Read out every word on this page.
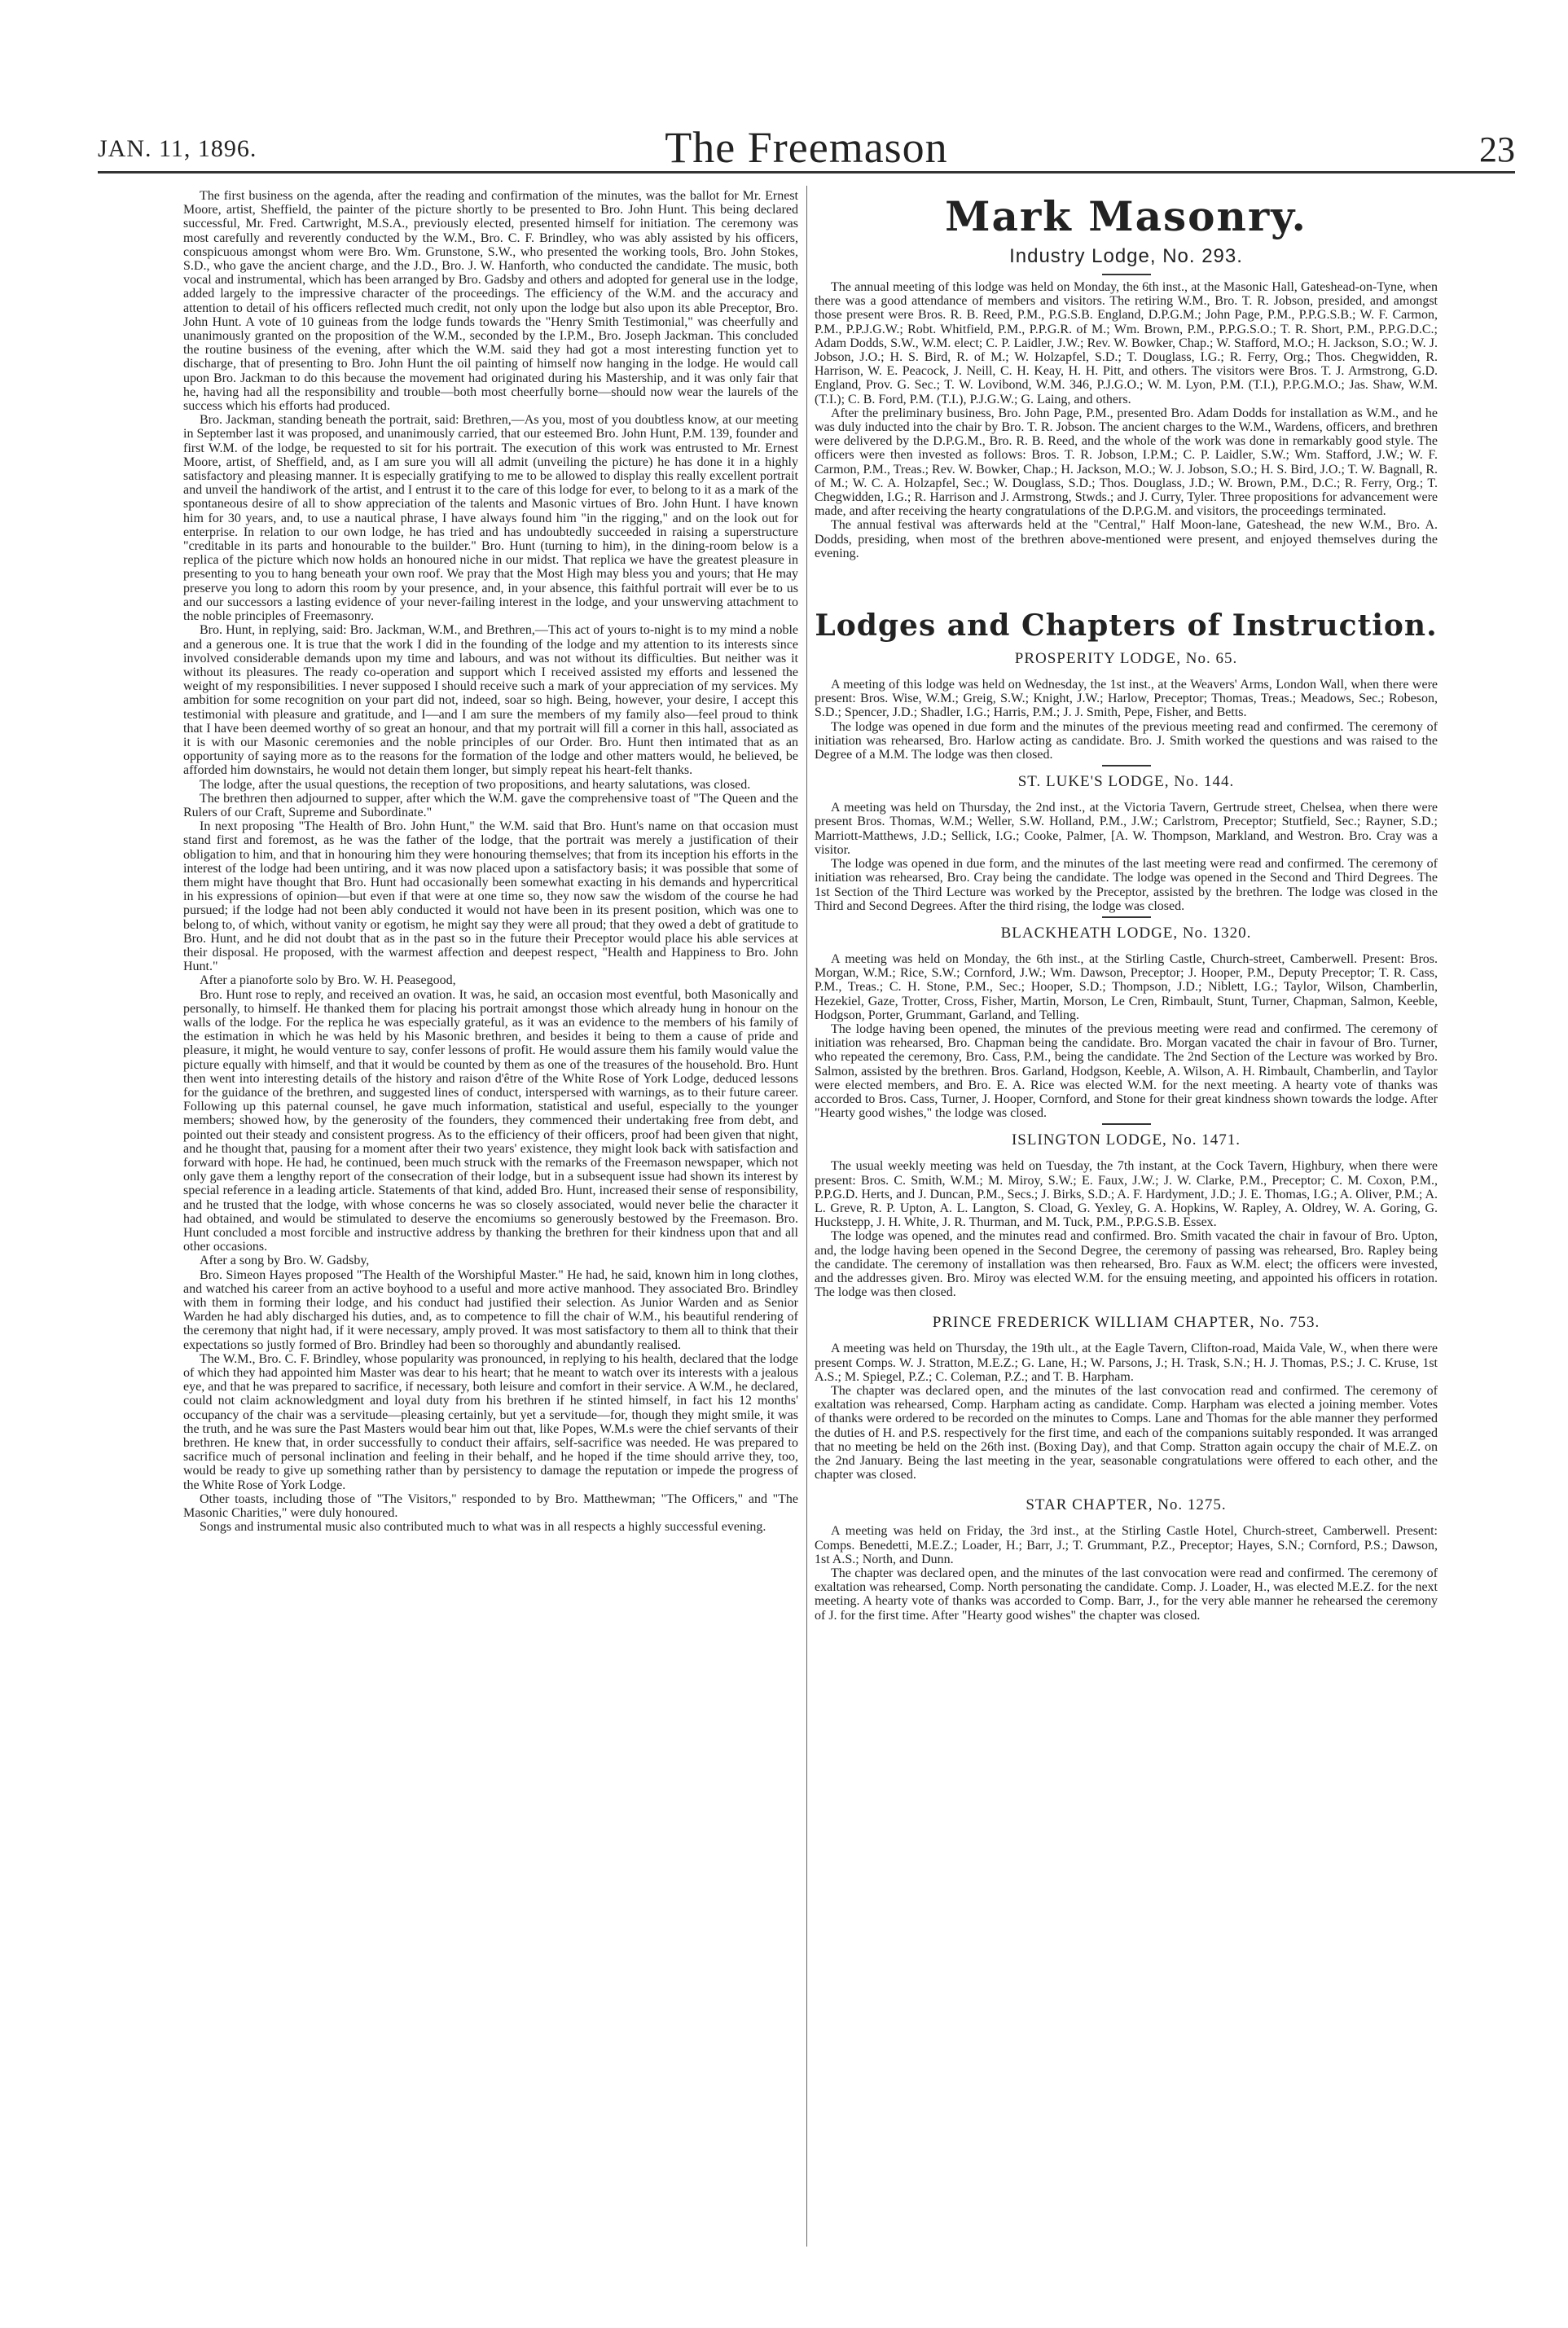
JAN. 11, 1896.	The Freemason	23

The first business on the agenda, after the reading and confirmation of the minutes, was the ballot for Mr. Ernest Moore, artist, Sheffield, the painter of the picture shortly to be presented to Bro. John Hunt. This being declared successful, Mr. Fred. Cartwright, M.S.A., previously elected, presented himself for initiation. The ceremony was most carefully and reverently conducted by the W.M., Bro. C. F. Brindley, who was ably assisted by his officers, conspicuous amongst whom were Bro. Wm. Grunstone, S.W., who presented the working tools, Bro. John Stokes, S.D., who gave the ancient charge, and the J.D., Bro. J. W. Hanforth, who conducted the candidate. The music, both vocal and instrumental, which has been arranged by Bro. Gadsby and others and adopted for general use in the lodge, added largely to the impressive character of the proceedings. The efficiency of the W.M. and the accuracy and attention to detail of his officers reflected much credit, not only upon the lodge but also upon its able Preceptor, Bro. John Hunt. A vote of 10 guineas from the lodge funds towards the "Henry Smith Testimonial," was cheerfully and unanimously granted on the proposition of the W.M., seconded by the I.P.M., Bro. Joseph Jackman. This concluded the routine business of the evening, after which the W.M. said they had got a most interesting function yet to discharge, that of presenting to Bro. John Hunt the oil painting of himself now hanging in the lodge. He would call upon Bro. Jackman to do this because the movement had originated during his Mastership, and it was only fair that he, having had all the responsibility and trouble—both most cheerfully borne—should now wear the laurels of the success which his efforts had produced.

Bro. Jackman, standing beneath the portrait, said: Brethren,—As you, most of you doubtless know, at our meeting in September last it was proposed, and unanimously carried, that our esteemed Bro. John Hunt, P.M. 139, founder and first W.M. of the lodge, be requested to sit for his portrait. The execution of this work was entrusted to Mr. Ernest Moore, artist, of Sheffield, and, as I am sure you will all admit (unveiling the picture) he has done it in a highly satisfactory and pleasing manner. It is especially gratifying to me to be allowed to display this really excellent portrait and unveil the handiwork of the artist, and I entrust it to the care of this lodge for ever, to belong to it as a mark of the spontaneous desire of all to show appreciation of the talents and Masonic virtues of Bro. John Hunt. I have known him for 30 years, and, to use a nautical phrase, I have always found him "in the rigging," and on the look out for enterprise. In relation to our own lodge, he has tried and has undoubtedly succeeded in raising a superstructure "creditable in its parts and honourable to the builder." Bro. Hunt (turning to him), in the dining-room below is a replica of the picture which now holds an honoured niche in our midst. That replica we have the greatest pleasure in presenting to you to hang beneath your own roof. We pray that the Most High may bless you and yours; that He may preserve you long to adorn this room by your presence, and, in your absence, this faithful portrait will ever be to us and our successors a lasting evidence of your never-failing interest in the lodge, and your unswerving attachment to the noble principles of Freemasonry.

Bro. Hunt, in replying, said: Bro. Jackman, W.M., and Brethren,—This act of yours to-night is to my mind a noble and a generous one. It is true that the work I did in the founding of the lodge and my attention to its interests since involved considerable demands upon my time and labours, and was not without its difficulties. But neither was it without its pleasures. The ready co-operation and support which I received assisted my efforts and lessened the weight of my responsibilities. I never supposed I should receive such a mark of your appreciation of my services. My ambition for some recognition on your part did not, indeed, soar so high. Being, however, your desire, I accept this testimonial with pleasure and gratitude, and I—and I am sure the members of my family also—feel proud to think that I have been deemed worthy of so great an honour, and that my portrait will fill a corner in this hall, associated as it is with our Masonic ceremonies and the noble principles of our Order. Bro. Hunt then intimated that as an opportunity of saying more as to the reasons for the formation of the lodge and other matters would, he believed, be afforded him downstairs, he would not detain them longer, but simply repeat his heart-felt thanks.

The lodge, after the usual questions, the reception of two propositions, and hearty salutations, was closed.

The brethren then adjourned to supper, after which the W.M. gave the comprehensive toast of "The Queen and the Rulers of our Craft, Supreme and Subordinate."

In next proposing "The Health of Bro. John Hunt," the W.M. said that Bro. Hunt's name on that occasion must stand first and foremost, as he was the father of the lodge, that the portrait was merely a justification of their obligation to him, and that in honouring him they were honouring themselves; that from its inception his efforts in the interest of the lodge had been untiring, and it was now placed upon a satisfactory basis; it was possible that some of them might have thought that Bro. Hunt had occasionally been somewhat exacting in his demands and hypercritical in his expressions of opinion—but even if that were at one time so, they now saw the wisdom of the course he had pursued; if the lodge had not been ably conducted it would not have been in its present position, which was one to belong to, of which, without vanity or egotism, he might say they were all proud; that they owed a debt of gratitude to Bro. Hunt, and he did not doubt that as in the past so in the future their Preceptor would place his able services at their disposal. He proposed, with the warmest affection and deepest respect, "Health and Happiness to Bro. John Hunt."

After a pianoforte solo by Bro. W. H. Peasegood,

Bro. Hunt rose to reply, and received an ovation. It was, he said, an occasion most eventful, both Masonically and personally, to himself. He thanked them for placing his portrait amongst those which already hung in honour on the walls of the lodge. For the replica he was especially grateful, as it was an evidence to the members of his family of the estimation in which he was held by his Masonic brethren, and besides it being to them a cause of pride and pleasure, it might, he would venture to say, confer lessons of profit. He would assure them his family would value the picture equally with himself, and that it would be counted by them as one of the treasures of the household. Bro. Hunt then went into interesting details of the history and raison d'être of the White Rose of York Lodge, deduced lessons for the guidance of the brethren, and suggested lines of conduct, interspersed with warnings, as to their future career. Following up this paternal counsel, he gave much information, statistical and useful, especially to the younger members; showed how, by the generosity of the founders, they commenced their undertaking free from debt, and pointed out their steady and consistent progress. As to the efficiency of their officers, proof had been given that night, and he thought that, pausing for a moment after their two years' existence, they might look back with satisfaction and forward with hope. He had, he continued, been much struck with the remarks of the Freemason newspaper, which not only gave them a lengthy report of the consecration of their lodge, but in a subsequent issue had shown its interest by special reference in a leading article. Statements of that kind, added Bro. Hunt, increased their sense of responsibility, and he trusted that the lodge, with whose concerns he was so closely associated, would never belie the character it had obtained, and would be stimulated to deserve the encomiums so generously bestowed by the Freemason. Bro. Hunt concluded a most forcible and instructive address by thanking the brethren for their kindness upon that and all other occasions.

After a song by Bro. W. Gadsby,

Bro. Simeon Hayes proposed "The Health of the Worshipful Master." He had, he said, known him in long clothes, and watched his career from an active boyhood to a useful and more active manhood. They associated Bro. Brindley with them in forming their lodge, and his conduct had justified their selection. As Junior Warden and as Senior Warden he had ably discharged his duties, and, as to competence to fill the chair of W.M., his beautiful rendering of the ceremony that night had, if it were necessary, amply proved. It was most satisfactory to them all to think that their expectations so justly formed of Bro. Brindley had been so thoroughly and abundantly realised.

The W.M., Bro. C. F. Brindley, whose popularity was pronounced, in replying to his health, declared that the lodge of which they had appointed him Master was dear to his heart; that he meant to watch over its interests with a jealous eye, and that he was prepared to sacrifice, if necessary, both leisure and comfort in their service. A W.M., he declared, could not claim acknowledgment and loyal duty from his brethren if he stinted himself, in fact his 12 months' occupancy of the chair was a servitude—pleasing certainly, but yet a servitude—for, though they might smile, it was the truth, and he was sure the Past Masters would bear him out that, like Popes, W.M.s were the chief servants of their brethren. He knew that, in order successfully to conduct their affairs, self-sacrifice was needed. He was prepared to sacrifice much of personal inclination and feeling in their behalf, and he hoped if the time should arrive they, too, would be ready to give up something rather than by persistency to damage the reputation or impede the progress of the White Rose of York Lodge.

Other toasts, including those of "The Visitors," responded to by Bro. Matthewman; "The Officers," and "The Masonic Charities," were duly honoured.

Songs and instrumental music also contributed much to what was in all respects a highly successful evening.

Mark Masonry.
Industry Lodge, No. 293.

The annual meeting of this lodge was held on Monday, the 6th inst., at the Masonic Hall, Gateshead-on-Tyne, when there was a good attendance of members and visitors. The retiring W.M., Bro. T. R. Jobson, presided, and amongst those present were Bros. R. B. Reed, P.M., P.G.S.B. England, D.P.G.M.; John Page, P.M., P.P.G.S.B.; W. F. Carmon, P.M., P.P.J.G.W.; Robt. Whitfield, P.M., P.P.G.R. of M.; Wm. Brown, P.M., P.P.G.S.O.; T. R. Short, P.M., P.P.G.D.C.; Adam Dodds, S.W., W.M. elect; C. P. Laidler, J.W.; Rev. W. Bowker, Chap.; W. Stafford, M.O.; H. Jackson, S.O.; W. J. Jobson, J.O.; H. S. Bird, R. of M.; W. Holzapfel, S.D.; T. Douglass, I.G.; R. Ferry, Org.; Thos. Chegwidden, R. Harrison, W. E. Peacock, J. Neill, C. H. Keay, H. H. Pitt, and others. The visitors were Bros. T. J. Armstrong, G.D. England, Prov. G. Sec.; T. W. Lovibond, W.M. 346, P.J.G.O.; W. M. Lyon, P.M. (T.I.), P.P.G.M.O.; Jas. Shaw, W.M. (T.I.); C. B. Ford, P.M. (T.I.), P.J.G.W.; G. Laing, and others.

After the preliminary business, Bro. John Page, P.M., presented Bro. Adam Dodds for installation as W.M., and he was duly inducted into the chair by Bro. T. R. Jobson. The ancient charges to the W.M., Wardens, officers, and brethren were delivered by the D.P.G.M., Bro. R. B. Reed, and the whole of the work was done in remarkably good style. The officers were then invested as follows: Bros. T. R. Jobson, I.P.M.; C. P. Laidler, S.W.; Wm. Stafford, J.W.; W. F. Carmon, P.M., Treas.; Rev. W. Bowker, Chap.; H. Jackson, M.O.; W. J. Jobson, S.O.; H. S. Bird, J.O.; T. W. Bagnall, R. of M.; W. C. A. Holzapfel, Sec.; W. Douglass, S.D.; Thos. Douglass, J.D.; W. Brown, P.M., D.C.; R. Ferry, Org.; T. Chegwidden, I.G.; R. Harrison and J. Armstrong, Stwds.; and J. Curry, Tyler. Three propositions for advancement were made, and after receiving the hearty congratulations of the D.P.G.M. and visitors, the proceedings terminated.

The annual festival was afterwards held at the "Central," Half Moon-lane, Gateshead, the new W.M., Bro. A. Dodds, presiding, when most of the brethren above-mentioned were present, and enjoyed themselves during the evening.

Lodges and Chapters of Instruction.
PROSPERITY LODGE, No. 65.

A meeting of this lodge was held on Wednesday, the 1st inst., at the Weavers' Arms, London Wall, when there were present: Bros. Wise, W.M.; Greig, S.W.; Knight, J.W.; Harlow, Preceptor; Thomas, Treas.; Meadows, Sec.; Robeson, S.D.; Spencer, J.D.; Shadler, I.G.; Harris, P.M.; J. J. Smith, Pepe, Fisher, and Betts.

The lodge was opened in due form and the minutes of the previous meeting read and confirmed. The ceremony of initiation was rehearsed, Bro. Harlow acting as candidate. Bro. J. Smith worked the questions and was raised to the Degree of a M.M. The lodge was then closed.

ST. LUKE'S LODGE, No. 144.

A meeting was held on Thursday, the 2nd inst., at the Victoria Tavern, Gertrude street, Chelsea, when there were present Bros. Thomas, W.M.; Weller, S.W. Holland, P.M., J.W.; Carlstrom, Preceptor; Stutfield, Sec.; Rayner, S.D.; Marriott-Matthews, J.D.; Sellick, I.G.; Cooke, Palmer, [A. W. Thompson, Markland, and Westron. Bro. Cray was a visitor.

The lodge was opened in due form, and the minutes of the last meeting were read and confirmed. The ceremony of initiation was rehearsed, Bro. Cray being the candidate. The lodge was opened in the Second and Third Degrees. The 1st Section of the Third Lecture was worked by the Preceptor, assisted by the brethren. The lodge was closed in the Third and Second Degrees. After the third rising, the lodge was closed.

BLACKHEATH LODGE, No. 1320.

A meeting was held on Monday, the 6th inst., at the Stirling Castle, Church-street, Camberwell. Present: Bros. Morgan, W.M.; Rice, S.W.; Cornford, J.W.; Wm. Dawson, Preceptor; J. Hooper, P.M., Deputy Preceptor; T. R. Cass, P.M., Treas.; C. H. Stone, P.M., Sec.; Hooper, S.D.; Thompson, J.D.; Niblett, I.G.; Taylor, Wilson, Chamberlin, Hezekiel, Gaze, Trotter, Cross, Fisher, Martin, Morson, Le Cren, Rimbault, Stunt, Turner, Chapman, Salmon, Keeble, Hodgson, Porter, Grummant, Garland, and Telling.

The lodge having been opened, the minutes of the previous meeting were read and confirmed. The ceremony of initiation was rehearsed, Bro. Chapman being the candidate. Bro. Morgan vacated the chair in favour of Bro. Turner, who repeated the ceremony, Bro. Cass, P.M., being the candidate. The 2nd Section of the Lecture was worked by Bro. Salmon, assisted by the brethren. Bros. Garland, Hodgson, Keeble, A. Wilson, A. H. Rimbault, Chamberlin, and Taylor were elected members, and Bro. E. A. Rice was elected W.M. for the next meeting. A hearty vote of thanks was accorded to Bros. Cass, Turner, J. Hooper, Cornford, and Stone for their great kindness shown towards the lodge. After "Hearty good wishes," the lodge was closed.

ISLINGTON LODGE, No. 1471.

The usual weekly meeting was held on Tuesday, the 7th instant, at the Cock Tavern, Highbury, when there were present: Bros. C. Smith, W.M.; M. Miroy, S.W.; E. Faux, J.W.; J. W. Clarke, P.M., Preceptor; C. M. Coxon, P.M., P.P.G.D. Herts, and J. Duncan, P.M., Secs.; J. Birks, S.D.; A. F. Hardyment, J.D.; J. E. Thomas, I.G.; A. Oliver, P.M.; A. L. Greve, R. P. Upton, A. L. Langton, S. Cload, G. Yexley, G. A. Hopkins, W. Rapley, A. Oldrey, W. A. Goring, G. Huckstepp, J. H. White, J. R. Thurman, and M. Tuck, P.M., P.P.G.S.B. Essex.

The lodge was opened, and the minutes read and confirmed. Bro. Smith vacated the chair in favour of Bro. Upton, and, the lodge having been opened in the Second Degree, the ceremony of passing was rehearsed, Bro. Rapley being the candidate. The ceremony of installation was then rehearsed, Bro. Faux as W.M. elect; the officers were invested, and the addresses given. Bro. Miroy was elected W.M. for the ensuing meeting, and appointed his officers in rotation. The lodge was then closed.

PRINCE FREDERICK WILLIAM CHAPTER, No. 753.

A meeting was held on Thursday, the 19th ult., at the Eagle Tavern, Clifton-road, Maida Vale, W., when there were present Comps. W. J. Stratton, M.E.Z.; G. Lane, H.; W. Parsons, J.; H. Trask, S.N.; H. J. Thomas, P.S.; J. C. Kruse, 1st A.S.; M. Spiegel, P.Z.; C. Coleman, P.Z.; and T. B. Harpham.

The chapter was declared open, and the minutes of the last convocation read and confirmed. The ceremony of exaltation was rehearsed, Comp. Harpham acting as candidate. Comp. Harpham was elected a joining member. Votes of thanks were ordered to be recorded on the minutes to Comps. Lane and Thomas for the able manner they performed the duties of H. and P.S. respectively for the first time, and each of the companions suitably responded. It was arranged that no meeting be held on the 26th inst. (Boxing Day), and that Comp. Stratton again occupy the chair of M.E.Z. on the 2nd January. Being the last meeting in the year, seasonable congratulations were offered to each other, and the chapter was closed.

STAR CHAPTER, No. 1275.

A meeting was held on Friday, the 3rd inst., at the Stirling Castle Hotel, Church-street, Camberwell. Present: Comps. Benedetti, M.E.Z.; Loader, H.; Barr, J.; T. Grummant, P.Z., Preceptor; Hayes, S.N.; Cornford, P.S.; Dawson, 1st A.S.; North, and Dunn.

The chapter was declared open, and the minutes of the last convocation were read and confirmed. The ceremony of exaltation was rehearsed, Comp. North personating the candidate. Comp. J. Loader, H., was elected M.E.Z. for the next meeting. A hearty vote of thanks was accorded to Comp. Barr, J., for the very able manner he rehearsed the ceremony of J. for the first time. After "Hearty good wishes" the chapter was closed.
